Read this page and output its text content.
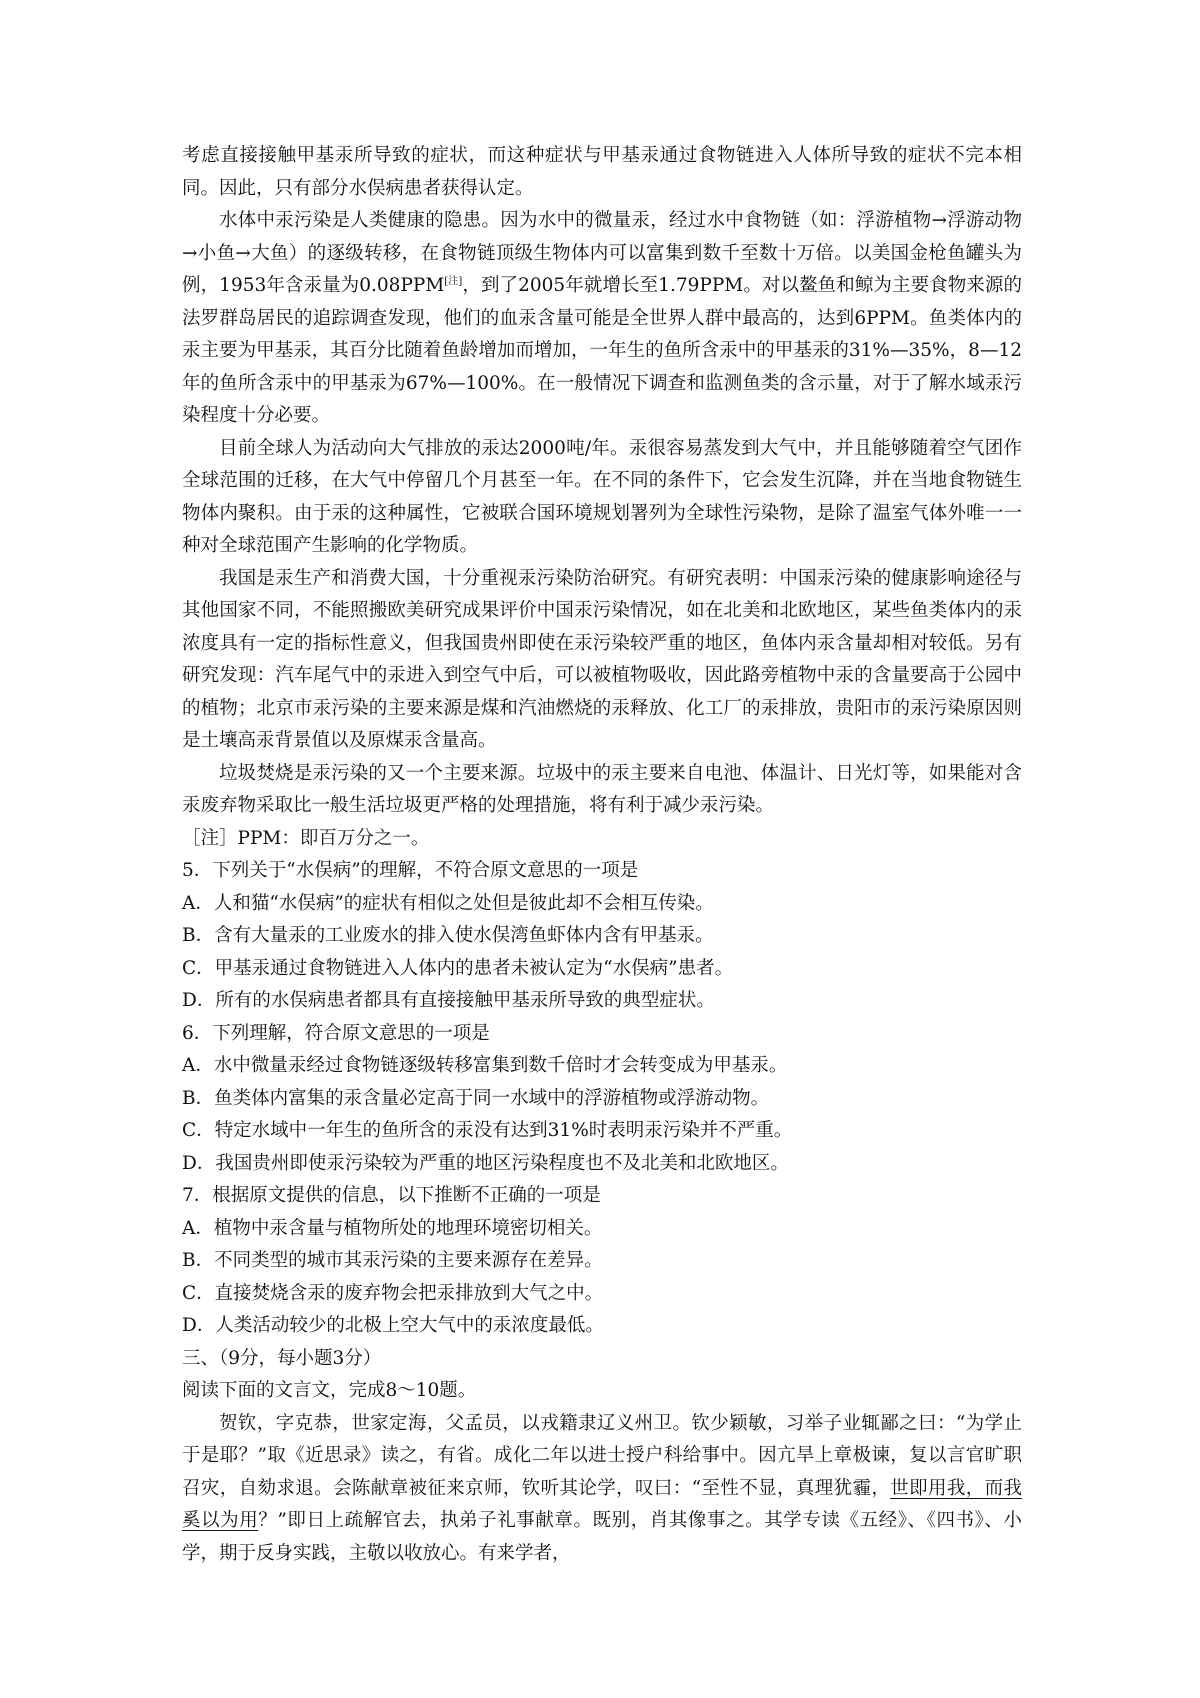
考虑直接接触甲基汞所导致的症状，而这种症状与甲基汞通过食物链进入人体所导致的症状不完本相同。因此，只有部分水俣病患者获得认定。

水体中汞污染是人类健康的隐患。因为水中的微量汞，经过水中食物链（如：浮游植物→浮游动物→小鱼→大鱼）的逐级转移，在食物链顶级生物体内可以富集到数千至数十万倍。以美国金枪鱼罐头为例，1953年含汞量为0.08PPM[注]，到了2005年就增长至1.79PPM。对以鳌鱼和鲸为主要食物来源的法罗群岛居民的追踪调查发现，他们的血汞含量可能是全世界人群中最高的，达到6PPM。鱼类体内的汞主要为甲基汞，其百分比随着鱼龄增加而增加，一年生的鱼所含汞中的甲基汞的31%—35%，8—12年的鱼所含汞中的甲基汞为67%—100%。在一般情况下调查和监测鱼类的含示量，对于了解水域汞污染程度十分必要。

目前全球人为活动向大气排放的汞达2000吨/年。汞很容易蒸发到大气中，并且能够随着空气团作全球范围的迁移，在大气中停留几个月甚至一年。在不同的条件下，它会发生沉降，并在当地食物链生物体内聚积。由于汞的这种属性，它被联合国环境规划署列为全球性污染物，是除了温室气体外唯一一种对全球范围产生影响的化学物质。

我国是汞生产和消费大国，十分重视汞污染防治研究。有研究表明：中国汞污染的健康影响途径与其他国家不同，不能照搬欧美研究成果评价中国汞污染情况，如在北美和北欧地区，某些鱼类体内的汞浓度具有一定的指标性意义，但我国贵州即使在汞污染较严重的地区，鱼体内汞含量却相对较低。另有研究发现：汽车尾气中的汞进入到空气中后，可以被植物吸收，因此路旁植物中汞的含量要高于公园中的植物；北京市汞污染的主要来源是煤和汽油燃烧的汞释放、化工厂的汞排放，贵阳市的汞污染原因则是土壤高汞背景值以及原煤汞含量高。

垃圾焚烧是汞污染的又一个主要来源。垃圾中的汞主要来自电池、体温计、日光灯等，如果能对含汞废弃物采取比一般生活垃圾更严格的处理措施，将有利于减少汞污染。

［注］PPM：即百万分之一。

5．下列关于“水俣病”的理解，不符合原文意思的一项是
A．人和猫“水俣病”的症状有相似之处但是彼此却不会相互传染。
B．含有大量汞的工业废水的排入使水俣湾鱼虾体内含有甲基汞。
C．甲基汞通过食物链进入人体内的患者未被认定为“水俣病”患者。
D．所有的水俣病患者都具有直接接触甲基汞所导致的典型症状。
6．下列理解，符合原文意思的一项是
A．水中微量汞经过食物链逐级转移富集到数千倍时才会转变成为甲基汞。
B．鱼类体内富集的汞含量必定高于同一水域中的浮游植物或浮游动物。
C．特定水域中一年生的鱼所含的汞没有达到31%时表明汞污染并不严重。
D．我国贵州即使汞污染较为严重的地区污染程度也不及北美和北欧地区。
7．根据原文提供的信息，以下推断不正确的一项是
A．植物中汞含量与植物所处的地理环境密切相关。
B．不同类型的城市其汞污染的主要来源存在差异。
C．直接焚烧含汞的废弃物会把汞排放到大气之中。
D．人类活动较少的北极上空大气中的汞浓度最低。
三、（9分，每小题3分）
阅读下面的文言文，完成8～10题。

贺钦，字克恭，世家定海，父孟员，以戎籍隶辽义州卫。钦少颖敏，习举子业辄鄙之曰：“为学止于是耶？”取《近思录》读之，有省。成化二年以进士授户科给事中。因亢旱上章极谏，复以言官旷职召灾，自劾求退。会陈献章被征来京师，钦听其论学，叹曰：“至性不显，真理犹霾，世即用我，而我奚以为用？”即日上疏解官去，执弟子礼事献章。既别，肖其像事之。其学专读《五经》、《四书》、小学，期于反身实践，主敬以收放心。有来学者，
